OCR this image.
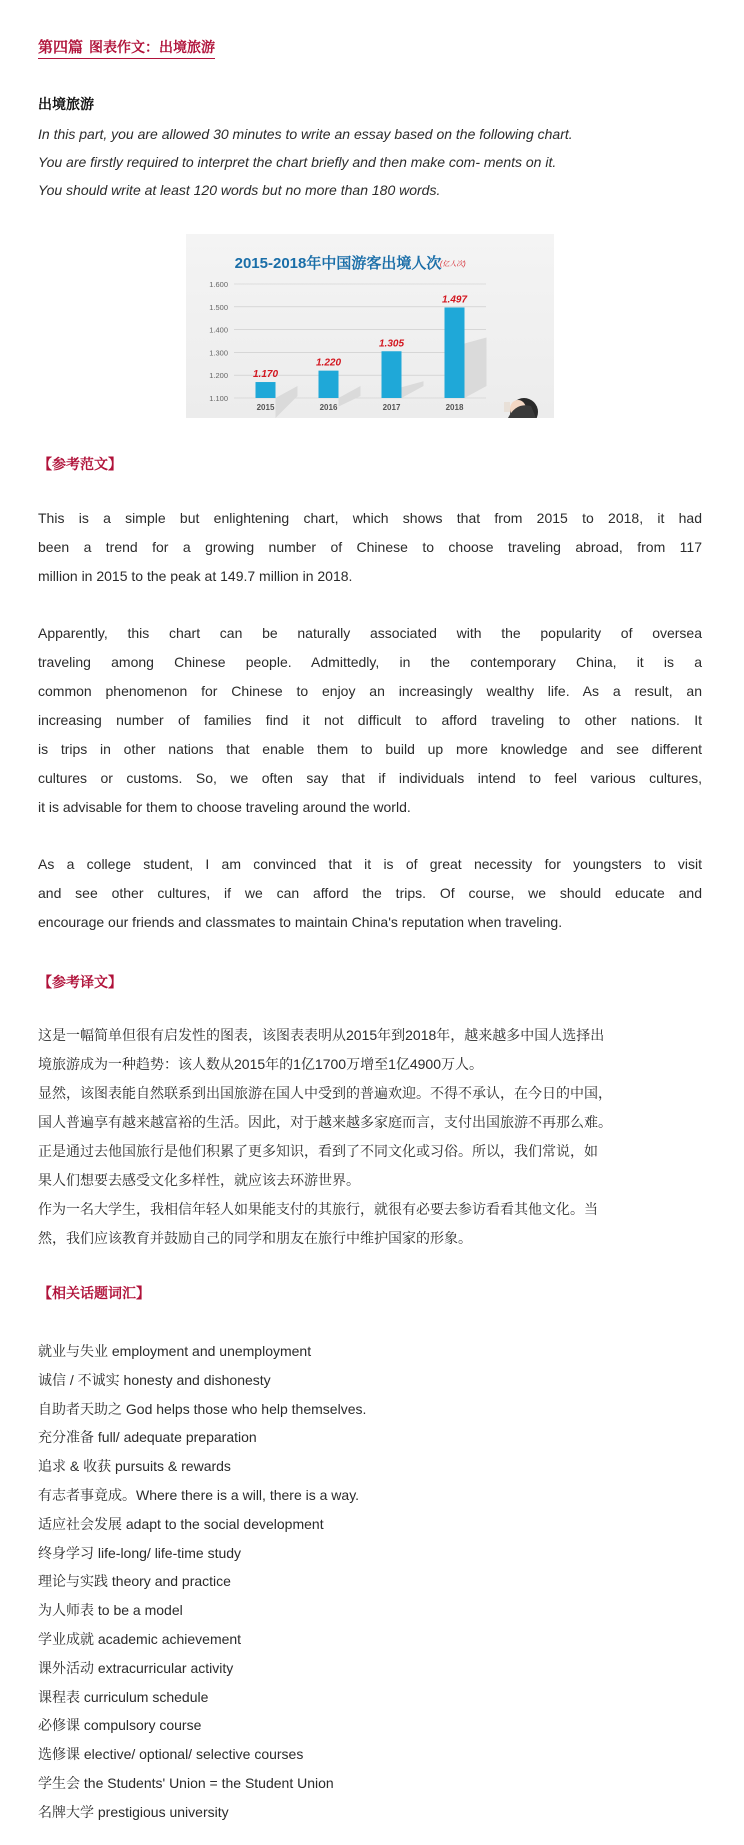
第四篇 图表作文：出境旅游
出境旅游
In this part, you are allowed 30 minutes to write an essay based on the following chart.
You are firstly required to interpret the chart briefly and then make com- ments on it.
You should write at least 120 words but no more than 180 words.
2015-2018年中国游客出境人次
(亿人次)
1.100
1.200
1.300
1.400
1.500
1.600
2015	2016	2017	2018
1.170
1.220
1.305
1.497
【参考范文】
This is a simple but enlightening chart, which shows that from 2015 to 2018, it had
been a trend for a growing number of Chinese to choose traveling abroad, from 117
million in 2015 to the peak at 149.7 million in 2018.
Apparently, this chart can be naturally associated with the popularity of oversea
traveling among Chinese people. Admittedly, in the contemporary China, it is a
common phenomenon for Chinese to enjoy an increasingly wealthy life. As a result, an
increasing number of families find it not difficult to afford traveling to other nations. It
is trips in other nations that enable them to build up more knowledge and see different
cultures or customs. So, we often say that if individuals intend to feel various cultures,
it is advisable for them to choose traveling around the world.
As a college student, I am convinced that it is of great necessity for youngsters to visit
and see other cultures, if we can afford the trips. Of course, we should educate and
encourage our friends and classmates to maintain China's reputation when traveling.
【参考译文】
这是一幅简单但很有启发性的图表，该图表表明从2015年到2018年，越来越多中国人选择出
境旅游成为一种趋势：该人数从2015年的1亿1700万增至1亿4900万人。
显然，该图表能自然联系到出国旅游在国人中受到的普遍欢迎。不得不承认，在今日的中国，
国人普遍享有越来越富裕的生活。因此，对于越来越多家庭而言，支付出国旅游不再那么难。
正是通过去他国旅行是他们积累了更多知识，看到了不同文化或习俗。所以，我们常说，如
果人们想要去感受文化多样性，就应该去环游世界。
作为一名大学生，我相信年轻人如果能支付的其旅行，就很有必要去参访看看其他文化。当
然，我们应该教育并鼓励自己的同学和朋友在旅行中维护国家的形象。
【相关话题词汇】
就业与失业 employment and unemployment
诚信 / 不诚实 honesty and dishonesty
自助者天助之 God helps those who help themselves.
充分准备 full/ adequate preparation
追求 & 收获 pursuits & rewards
有志者事竟成。Where there is a will, there is a way.
适应社会发展 adapt to the social development
终身学习 life-long/ life-time study
理论与实践 theory and practice
为人师表 to be a model
学业成就 academic achievement
课外活动 extracurricular activity
课程表 curriculum schedule
必修课 compulsory course
选修课 elective/ optional/ selective courses
学生会 the Students' Union = the Student Union
名牌大学 prestigious university
